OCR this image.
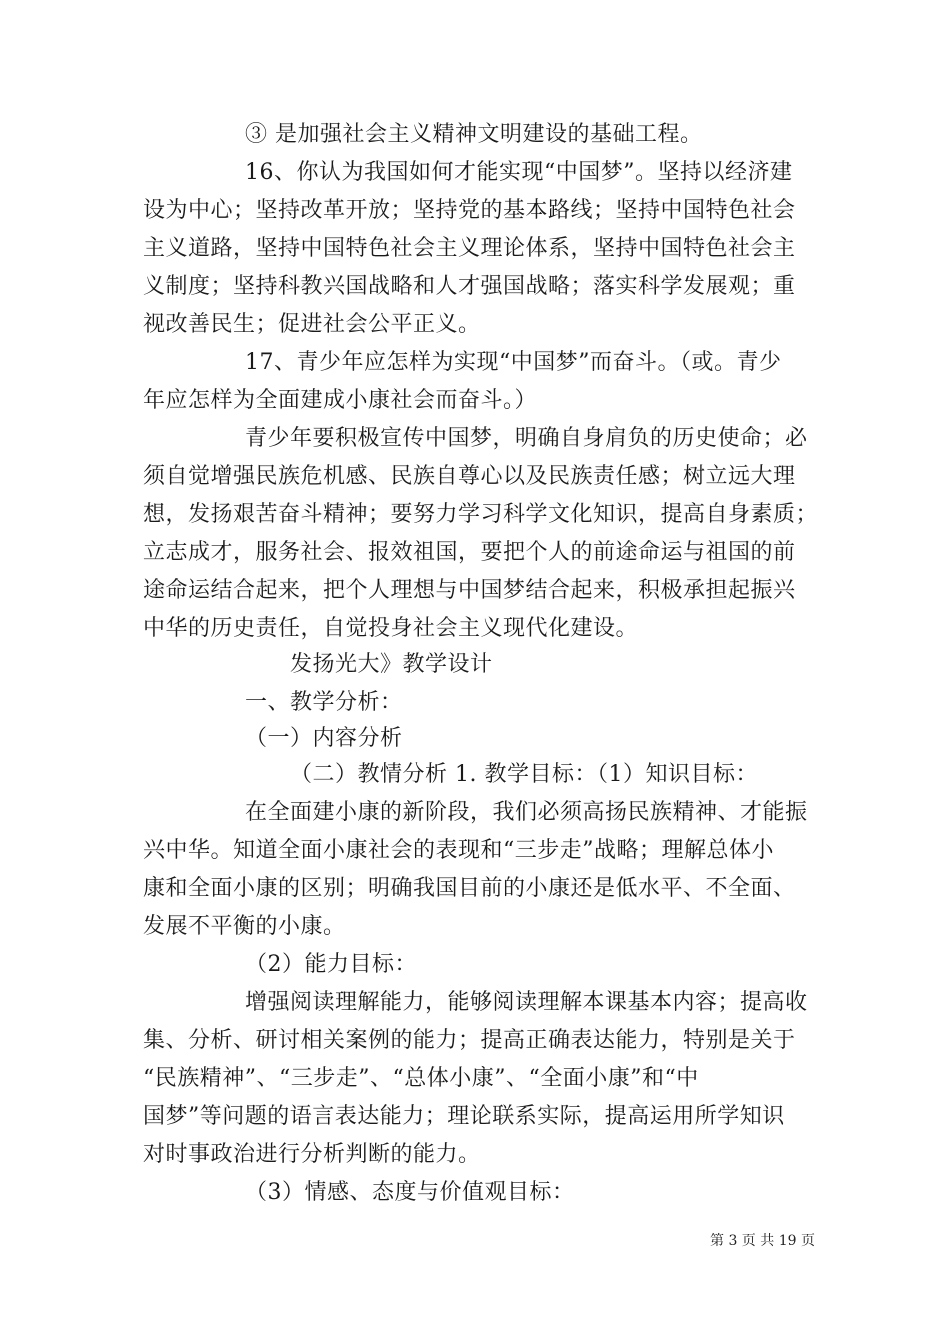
③ 是加强社会主义精神文明建设的基础工程。
16、你认为我国如何才能实现“中国梦”。坚持以经济建
设为中心；坚持改革开放；坚持党的基本路线；坚持中国特色社会
主义道路，坚持中国特色社会主义理论体系，坚持中国特色社会主
义制度；坚持科教兴国战略和人才强国战略；落实科学发展观；重
视改善民生；促进社会公平正义。
17、青少年应怎样为实现“中国梦”而奋斗。（或。青少
年应怎样为全面建成小康社会而奋斗。）
青少年要积极宣传中国梦，明确自身肩负的历史使命；必
须自觉增强民族危机感、民族自尊心以及民族责任感；树立远大理
想，发扬艰苦奋斗精神；要努力学习科学文化知识，提高自身素质；
立志成才，服务社会、报效祖国，要把个人的前途命运与祖国的前
途命运结合起来，把个人理想与中国梦结合起来，积极承担起振兴
中华的历史责任，自觉投身社会主义现代化建设。
发扬光大》教学设计
一、教学分析：
（一）内容分析
（二）教情分析 1. 教学目标：（1）知识目标：
在全面建小康的新阶段，我们必须高扬民族精神、才能振
兴中华。知道全面小康社会的表现和“三步走”战略；理解总体小
康和全面小康的区别；明确我国目前的小康还是低水平、不全面、
发展不平衡的小康。
（2）能力目标：
增强阅读理解能力，能够阅读理解本课基本内容；提高收
集、分析、研讨相关案例的能力；提高正确表达能力，特别是关于
“民族精神”、“三步走”、“总体小康”、“全面小康”和“中
国梦”等问题的语言表达能力；理论联系实际，提高运用所学知识
对时事政治进行分析判断的能力。
（3）情感、态度与价值观目标：
第 3 页 共 19 页
